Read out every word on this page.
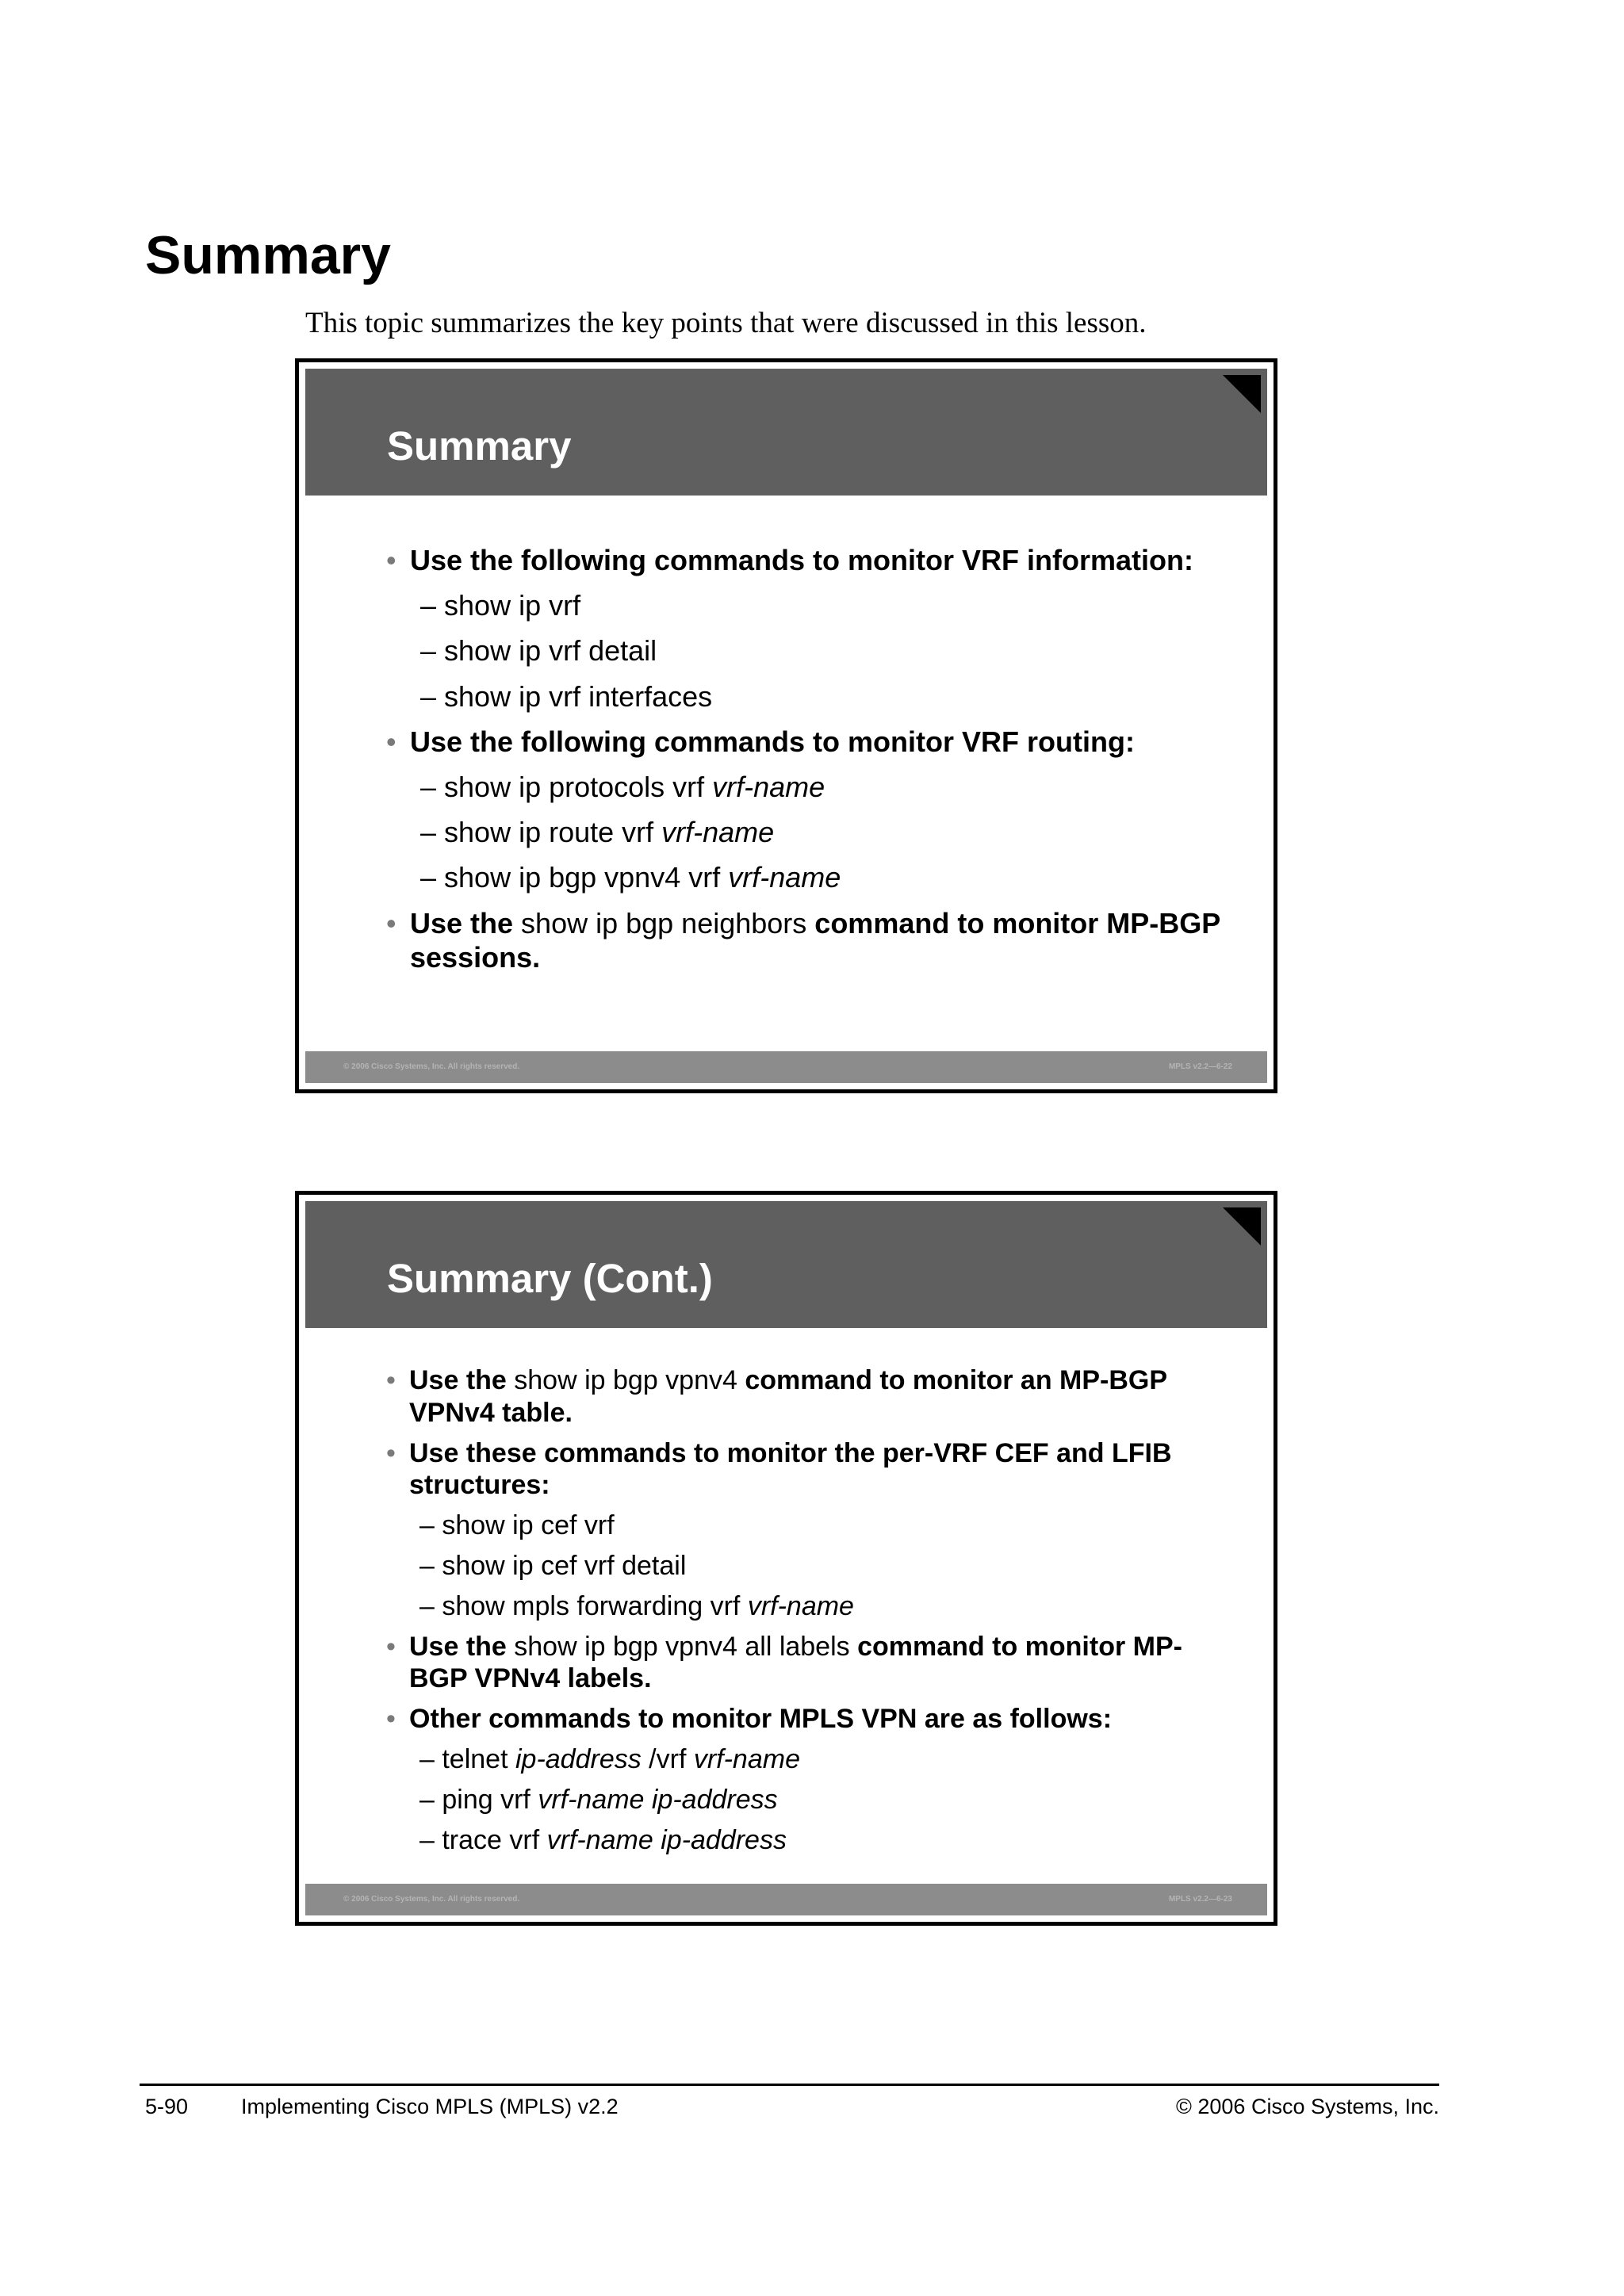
Summary
This topic summarizes the key points that were discussed in this lesson.
Summary
• Use the following commands to monitor VRF information:
– show ip vrf
– show ip vrf detail
– show ip vrf interfaces
• Use the following commands to monitor VRF routing:
– show ip protocols vrf vrf-name
– show ip route vrf vrf-name
– show ip bgp vpnv4 vrf vrf-name
• Use the show ip bgp neighbors command to monitor MP-BGP sessions.
© 2006 Cisco Systems, Inc. All rights reserved.	MPLS v2.2—6-22
Summary (Cont.)
• Use the show ip bgp vpnv4 command to monitor an MP-BGP VPNv4 table.
• Use these commands to monitor the per-VRF CEF and LFIB structures:
– show ip cef vrf
– show ip cef vrf detail
– show mpls forwarding vrf vrf-name
• Use the show ip bgp vpnv4 all labels command to monitor MP-BGP VPNv4 labels.
• Other commands to monitor MPLS VPN are as follows:
– telnet ip-address /vrf vrf-name
– ping vrf vrf-name ip-address
– trace vrf vrf-name ip-address
© 2006 Cisco Systems, Inc. All rights reserved.	MPLS v2.2—6-23
5-90 Implementing Cisco MPLS (MPLS) v2.2	© 2006 Cisco Systems, Inc.
